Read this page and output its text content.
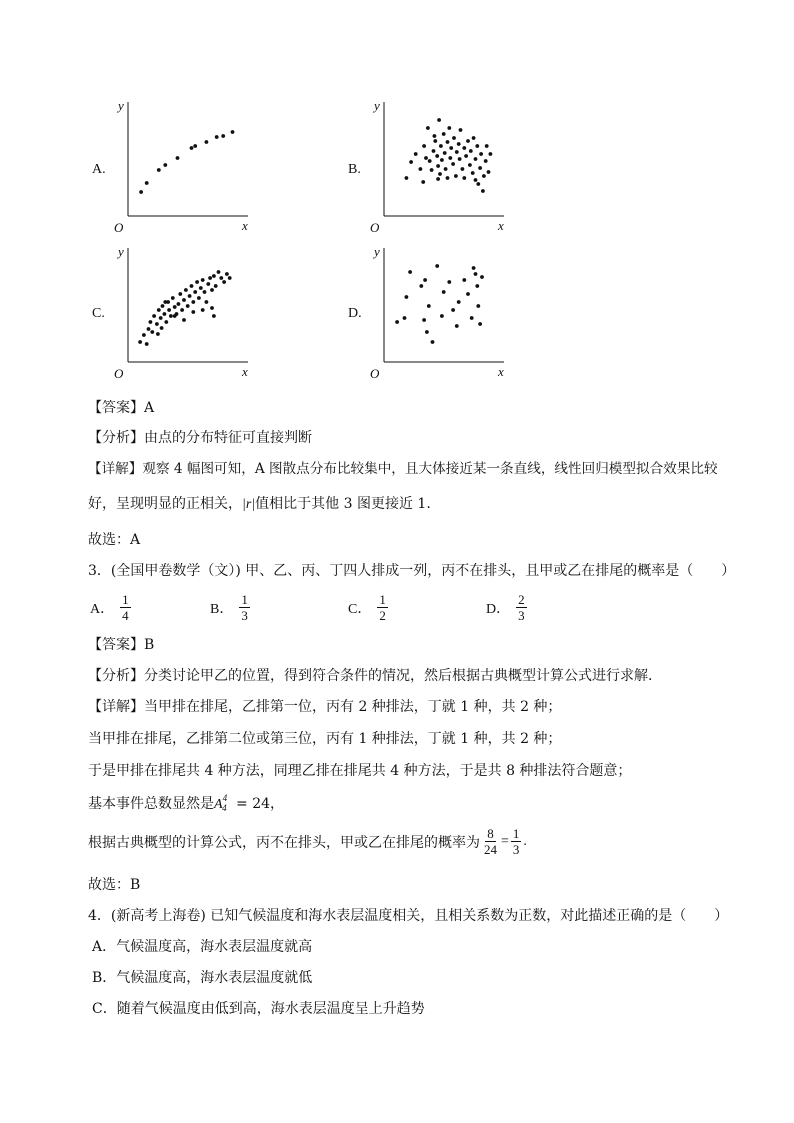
A.
y
x
O
B.
y
x
O
C.
y
x
O
D.
y
x
O
【答案】A
【分析】由点的分布特征可直接判断
【详解】观察 4 幅图可知，A 图散点分布比较集中，且大体接近某一条直线，线性回归模型拟合效果比较
好，呈现明显的正相关，|r|值相比于其他 3 图更接近 1.
故选：A
3．(全国甲卷数学（文）) 甲、乙、丙、丁四人排成一列，丙不在排头，且甲或乙在排尾的概率是（　　）
A． $\frac{1}{4}$	B． $\frac{1}{3}$	C． $\frac{1}{2}$	D． $\frac{2}{3}$
【答案】B
【分析】分类讨论甲乙的位置，得到符合条件的情况，然后根据古典概型计算公式进行求解.
【详解】当甲排在排尾，乙排第一位，丙有 2 种排法，丁就 1 种，共 2 种；
当甲排在排尾，乙排第二位或第三位，丙有 1 种排法，丁就 1 种，共 2 种；
于是甲排在排尾共 4 种方法，同理乙排在排尾共 4 种方法，于是共 8 种排法符合题意；
基本事件总数显然是$A^4_4 = 24$，
根据古典概型的计算公式，丙不在排头，甲或乙在排尾的概率为 $\frac{8}{24} = \frac{1}{3}$ .
故选：B
4．(新高考上海卷) 已知气候温度和海水表层温度相关，且相关系数为正数，对此描述正确的是（　　）
A．气候温度高，海水表层温度就高
B．气候温度高，海水表层温度就低
C．随着气候温度由低到高，海水表层温度呈上升趋势
